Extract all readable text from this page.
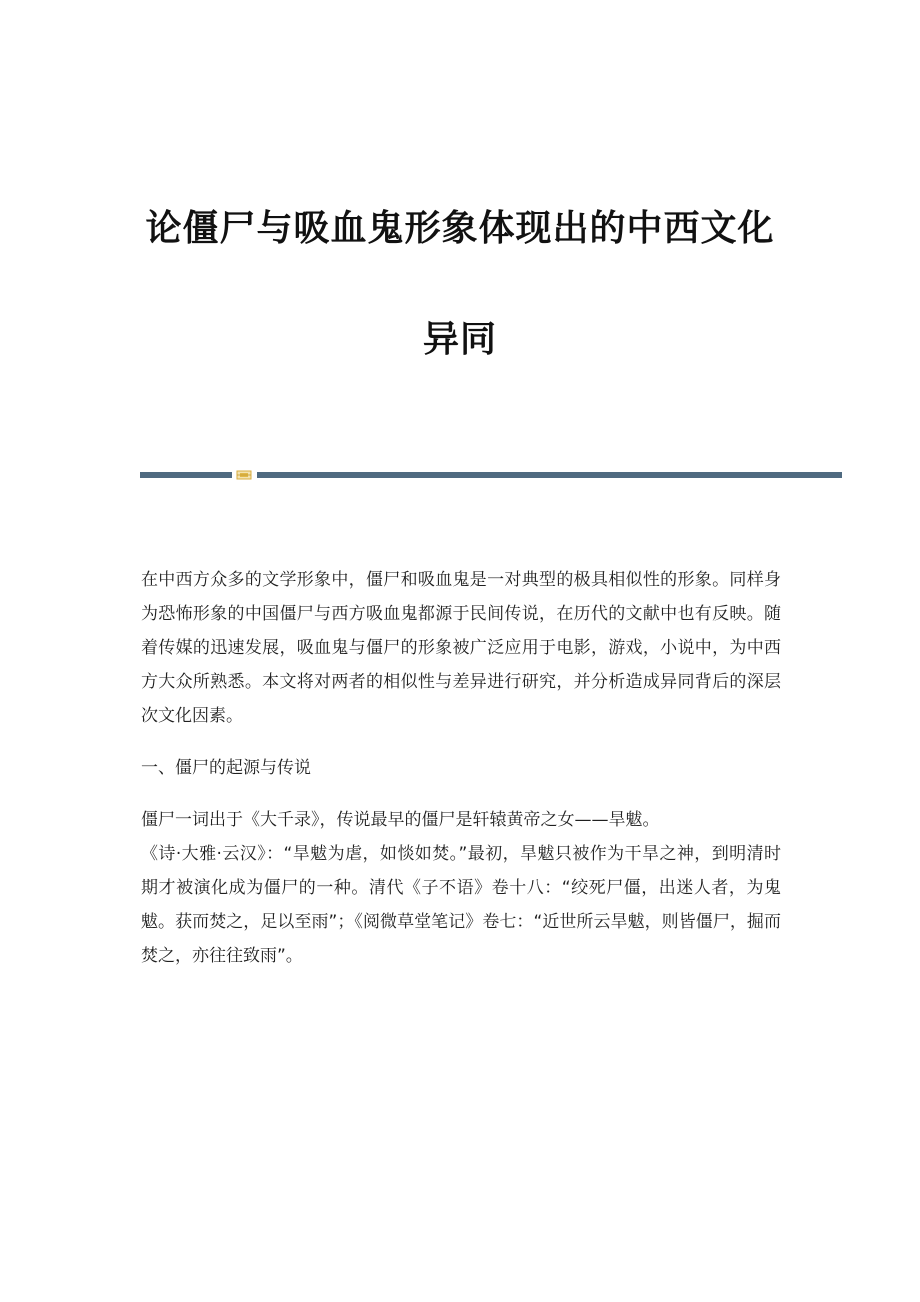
论僵尸与吸血鬼形象体现出的中西文化
异同

在中西方众多的文学形象中，僵尸和吸血鬼是一对典型的极具相似性的形象。同样身为恐怖形象的中国僵尸与西方吸血鬼都源于民间传说，在历代的文献中也有反映。随着传媒的迅速发展，吸血鬼与僵尸的形象被广泛应用于电影，游戏，小说中，为中西方大众所熟悉。本文将对两者的相似性与差异进行研究，并分析造成异同背后的深层次文化因素。

一、僵尸的起源与传说

僵尸一词出于《大千录》，传说最早的僵尸是轩辕黄帝之女——旱魃。

《诗·大雅·云汉》：“旱魃为虐，如惔如焚。”最初，旱魃只被作为干旱之神，到明清时期才被演化成为僵尸的一种。清代《子不语》卷十八：“绞死尸僵，出迷人者，为鬼魃。获而焚之，足以至雨”；《阅微草堂笔记》卷七：“近世所云旱魃，则皆僵尸，掘而焚之，亦往往致雨”。
